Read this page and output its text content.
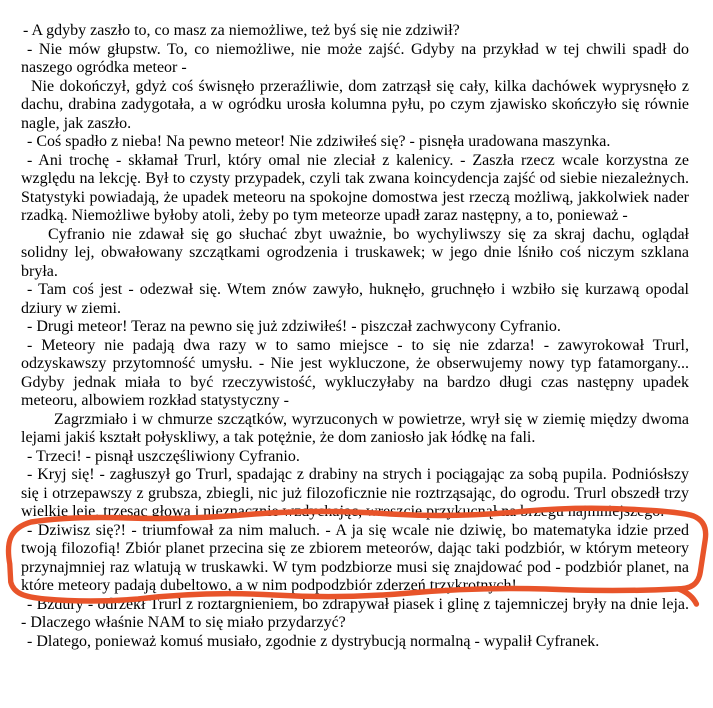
- A gdyby zaszło to, co masz za niemożliwe, też byś się nie zdziwił?

- Nie mów głupstw. To, co niemożliwe, nie może zajść. Gdyby na przykład w tej chwili spadł do naszego ogródka meteor -

Nie dokończył, gdyż coś świsnęło przeraźliwie, dom zatrząsł się cały, kilka dachówek wyprysnęło z dachu, drabina zadygotała, a w ogródku urosła kolumna pyłu, po czym zjawisko skończyło się równie nagle, jak zaszło.

- Coś spadło z nieba! Na pewno meteor! Nie zdziwiłeś się? - pisnęła uradowana maszynka.

- Ani trochę - skłamał Trurl, który omal nie zleciał z kalenicy. - Zaszła rzecz wcale korzystna ze względu na lekcję. Był to czysty przypadek, czyli tak zwana koincydencja zajść od siebie niezależnych. Statystyki powiadają, że upadek meteoru na spokojne domostwa jest rzeczą możliwą, jakkolwiek nader rzadką. Niemożliwe byłoby atoli, żeby po tym meteorze upadł zaraz następny, a to, ponieważ -

Cyfranio nie zdawał się go słuchać zbyt uważnie, bo wychyliwszy się za skraj dachu, oglądał solidny lej, obwałowany szczątkami ogrodzenia i truskawek; w jego dnie lśniło coś niczym szklana bryła.

- Tam coś jest - odezwał się. Wtem znów zawyło, huknęło, gruchnęło i wzbiło się kurzawą opodal dziury w ziemi.

- Drugi meteor! Teraz na pewno się już zdziwiłeś! - piszczał zachwycony Cyfranio.

- Meteory nie padają dwa razy w to samo miejsce - to się nie zdarza! - zawyrokował Trurl, odzyskawszy przytomność umysłu. - Nie jest wykluczone, że obserwujemy nowy typ fatamorgany... Gdyby jednak miała to być rzeczywistość, wykluczyłaby na bardzo długi czas następny upadek meteoru, albowiem rozkład statystyczny -

Zagrzmiało i w chmurze szczątków, wyrzuconych w powietrze, wrył się w ziemię między dwoma lejami jakiś kształt połyskliwy, a tak potężnie, że dom zaniosło jak łódkę na fali.

- Trzeci! - pisnął uszczęśliwiony Cyfranio.

- Kryj się! - zagłuszył go Trurl, spadając z drabiny na strych i pociągając za sobą pupila. Podniósłszy się i otrzepawszy z grubsza, zbiegli, nic już filozoficznie nie roztrząsając, do ogrodu. Trurl obszedł trzy wielkie leje, trzęsąc głową i nieznacznie wzdychając, wreszcie przykucnął na brzegu najmniejszego.

- Dziwisz się?! - triumfował za nim maluch. - A ja się wcale nie dziwię, bo matematyka idzie przed twoją filozofią! Zbiór planet przecina się ze zbiorem meteorów, dając taki podzbiór, w którym meteory przynajmniej raz wlatują w truskawki. W tym podzbiorze musi się znajdować pod - podzbiór planet, na które meteory padają dubeltowo, a w nim podpodzbiór zderzeń trzykrotnych!

- Bzdury - odrzekł Trurl z roztargnieniem, bo zdrapywał piasek i glinę z tajemniczej bryły na dnie leja. - Dlaczego właśnie NAM to się miało przydarzyć?

- Dlatego, ponieważ komuś musiało, zgodnie z dystrybucją normalną - wypalił Cyfranek.
